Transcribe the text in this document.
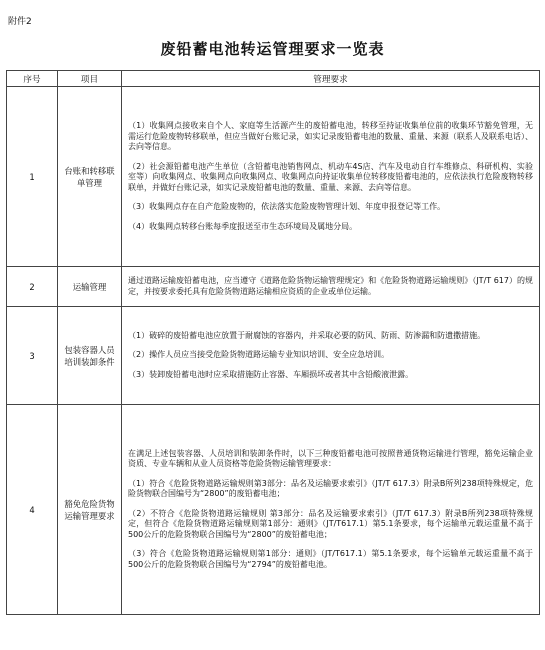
附件2
废铅蓄电池转运管理要求一览表
序号	项目	管理要求
1	台账和转移联单管理	（1）收集网点接收来自个人、家庭等生活源产生的废铅蓄电池，转移至持证收集单位前的收集环节豁免管理，无需运行危险废物转移联单，但应当做好台账记录，如实记录废铅蓄电池的数量、重量、来源（联系人及联系电话）、去向等信息。

（2）社会源铅蓄电池产生单位（含铅蓄电池销售网点、机动车4S店、汽车及电动自行车维修点、科研机构、实验室等）向收集网点、收集网点向收集网点、收集网点向持证收集单位转移废铅蓄电池的，应依法执行危险废物转移联单，并做好台账记录，如实记录废铅蓄电池的数量、重量、来源、去向等信息。

（3）收集网点存在自产危险废物的，依法落实危险废物管理计划、年度申报登记等工作。

（4）收集网点转移台账每季度报送至市生态环境局及属地分局。

2	运输管理	通过道路运输废铅蓄电池，应当遵守《道路危险货物运输管理规定》和《危险货物道路运输规则》（JT/T 617）的规定，并按要求委托具有危险货物道路运输相应资质的企业或单位运输。

3	包装容器人员培训装卸条件	（1）破碎的废铅蓄电池应放置于耐腐蚀的容器内，并采取必要的防风、防雨、防渗漏和防遗撒措施。

（2）操作人员应当接受危险货物道路运输专业知识培训、安全应急培训。

（3）装卸废铅蓄电池时应采取措施防止容器、车厢损坏或者其中含铅酸液泄露。

4	豁免危险货物运输管理要求	在满足上述包装容器、人员培训和装卸条件时，以下三种废铅蓄电池可按照普通货物运输进行管理，豁免运输企业资质、专业车辆和从业人员资格等危险货物运输管理要求：

（1）符合《危险货物道路运输规则第3部分：品名及运输要求索引》（JT/T 617.3）附录B所列238项特殊规定，危险货物联合国编号为“2800”的废铅蓄电池；

（2）不符合《危险货物道路运输规则 第3部分：品名及运输要求索引》（JT/T 617.3）附录B所列238项特殊规定，但符合《危险货物道路运输规则第1部分：通则》（JT/T617.1）第5.1条要求，每个运输单元载运重量不高于500公斤的危险货物联合国编号为“2800”的废铅蓄电池；

（3）符合《危险货物道路运输规则第1部分：通则》（JT/T617.1）第5.1条要求，每个运输单元载运重量不高于500公斤的危险货物联合国编号为“2794”的废铅蓄电池。
